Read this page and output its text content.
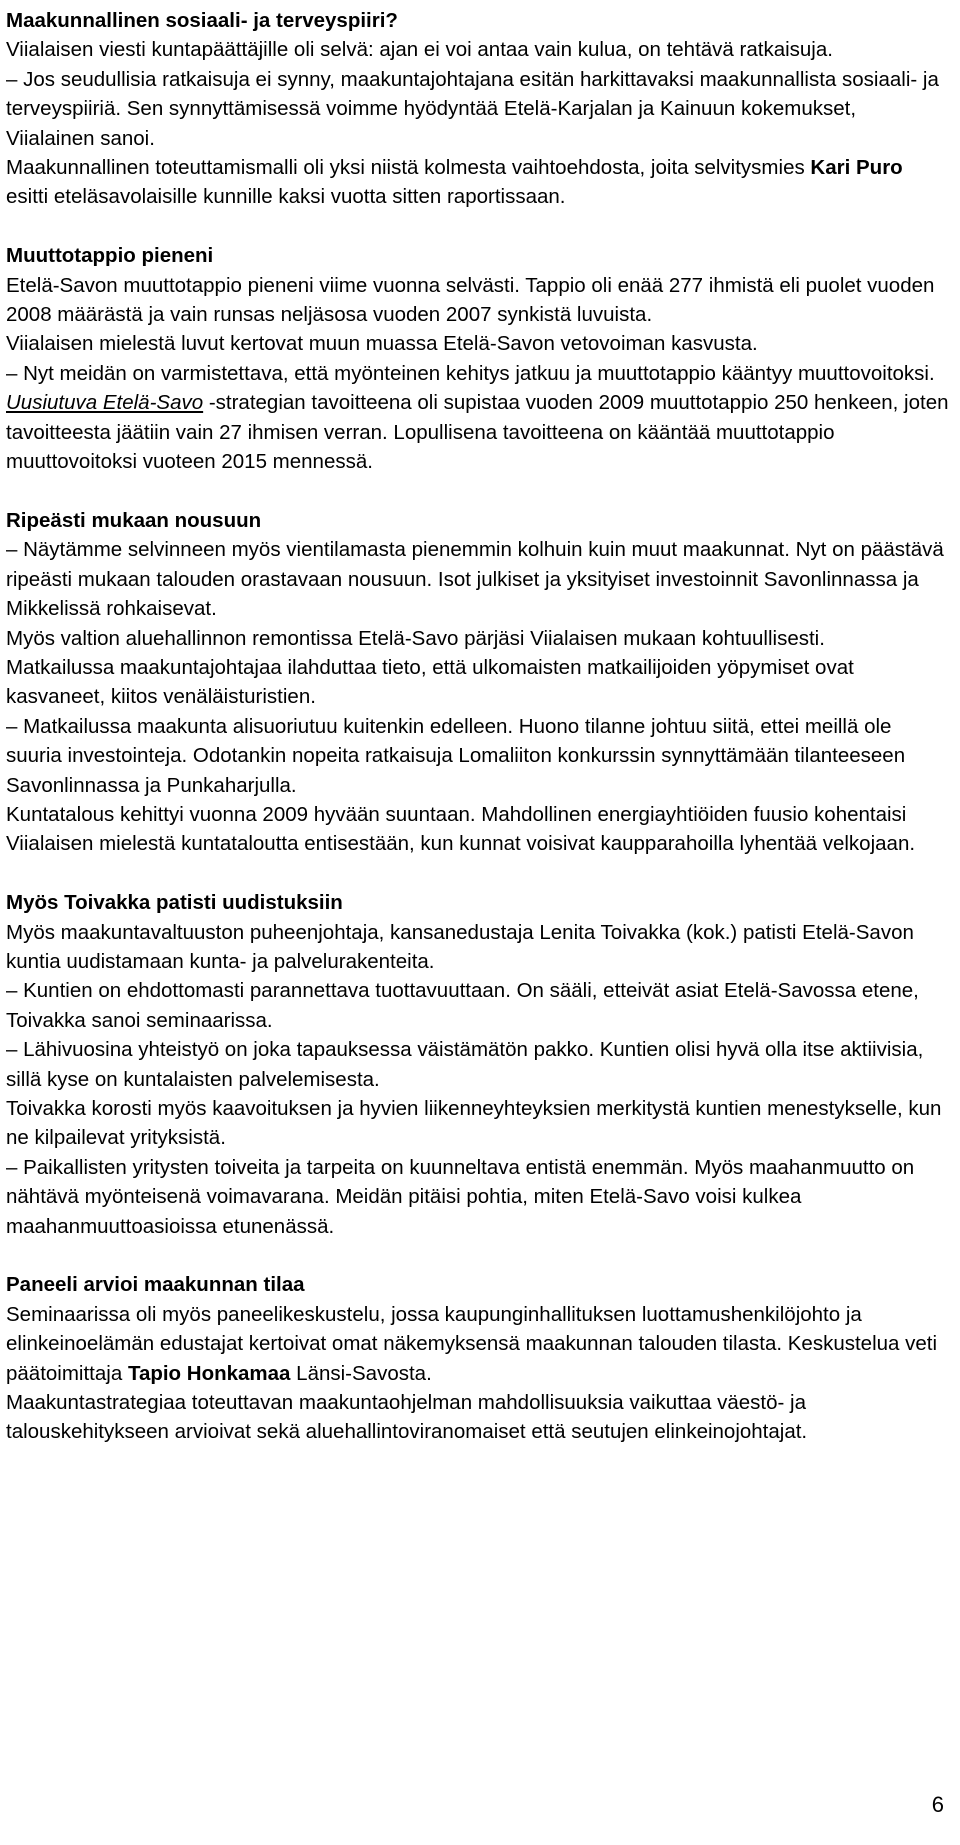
Maakunnallinen sosiaali- ja terveyspiiri?
Viialaisen viesti kuntapäättäjille oli selvä: ajan ei voi antaa vain kulua, on tehtävä ratkaisuja.
– Jos seudullisia ratkaisuja ei synny, maakuntajohtajana esitän harkittavaksi maakunnallista sosiaali- ja terveyspiiriä. Sen synnyttämisessä voimme hyödyntää Etelä-Karjalan ja Kainuun kokemukset, Viialainen sanoi.
Maakunnallinen toteuttamismalli oli yksi niistä kolmesta vaihtoehdosta, joita selvitysmies Kari Puro esitti eteläsavolaisille kunnille kaksi vuotta sitten raportissaan.
Muuttotappio pieneni
Etelä-Savon muuttotappio pieneni viime vuonna selvästi. Tappio oli enää 277 ihmistä eli puolet vuoden 2008 määrästä ja vain runsas neljäsosa vuoden 2007 synkistä luvuista.
Viialaisen mielestä luvut kertovat muun muassa Etelä-Savon vetovoiman kasvusta.
– Nyt meidän on varmistettava, että myönteinen kehitys jatkuu ja muuttotappio kääntyy muuttovoitoksi.
Uusiutuva Etelä-Savo -strategian tavoitteena oli supistaa vuoden 2009 muuttotappio 250 henkeen, joten tavoitteesta jäätiin vain 27 ihmisen verran. Lopullisena tavoitteena on kääntää muuttotappio muuttovoitoksi vuoteen 2015 mennessä.
Ripeästi mukaan nousuun
– Näytämme selvinneen myös vientilamasta pienemmin kolhuin kuin muut maakunnat. Nyt on päästävä ripeästi mukaan talouden orastavaan nousuun. Isot julkiset ja yksityiset investoinnit Savonlinnassa ja Mikkelissä rohkaisevat.
Myös valtion aluehallinnon remontissa Etelä-Savo pärjäsi Viialaisen mukaan kohtuullisesti.
Matkailussa maakuntajohtajaa ilahduttaa tieto, että ulkomaisten matkailijoiden yöpymiset ovat kasvaneet, kiitos venäläisturistien.
– Matkailussa maakunta alisuoriutuu kuitenkin edelleen. Huono tilanne johtuu siitä, ettei meillä ole suuria investointeja. Odotankin nopeita ratkaisuja Lomaliiton konkurssin synnyttämään tilanteeseen Savonlinnassa ja Punkaharjulla.
Kuntatalous kehittyi vuonna 2009 hyvään suuntaan. Mahdollinen energiayhtiöiden fuusio kohentaisi Viialaisen mielestä kuntataloutta entisestään, kun kunnat voisivat kaupparahoilla lyhentää velkojaan.
Myös Toivakka patisti uudistuksiin
Myös maakuntavaltuuston puheenjohtaja, kansanedustaja Lenita Toivakka (kok.) patisti Etelä-Savon kuntia uudistamaan kunta- ja palvelurakenteita.
– Kuntien on ehdottomasti parannettava tuottavuuttaan. On sääli, etteivät asiat Etelä-Savossa etene, Toivakka sanoi seminaarissa.
– Lähivuosina yhteistyö on joka tapauksessa väistämätön pakko. Kuntien olisi hyvä olla itse aktiivisia, sillä kyse on kuntalaisten palvelemisesta.
Toivakka korosti myös kaavoituksen ja hyvien liikenneyhteyksien merkitystä kuntien menestykselle, kun ne kilpailevat yrityksistä.
– Paikallisten yritysten toiveita ja tarpeita on kuunneltava entistä enemmän. Myös maahanmuutto on nähtävä myönteisenä voimavarana. Meidän pitäisi pohtia, miten Etelä-Savo voisi kulkea maahanmuuttoasioissa etunenässä.
Paneeli arvioi maakunnan tilaa
Seminaarissa oli myös paneelikeskustelu, jossa kaupunginhallituksen luottamushenkilöjohto ja elinkeinoelämän edustajat kertoivat omat näkemyksensä maakunnan talouden tilasta. Keskustelua veti päätoimittaja Tapio Honkamaa Länsi-Savosta.
Maakuntastrategiaa toteuttavan maakuntaohjelman mahdollisuuksia vaikuttaa väestö- ja talouskehitykseen arvioivat sekä aluehallintoviranomaiset että seutujen elinkeinojohtajat.
6
